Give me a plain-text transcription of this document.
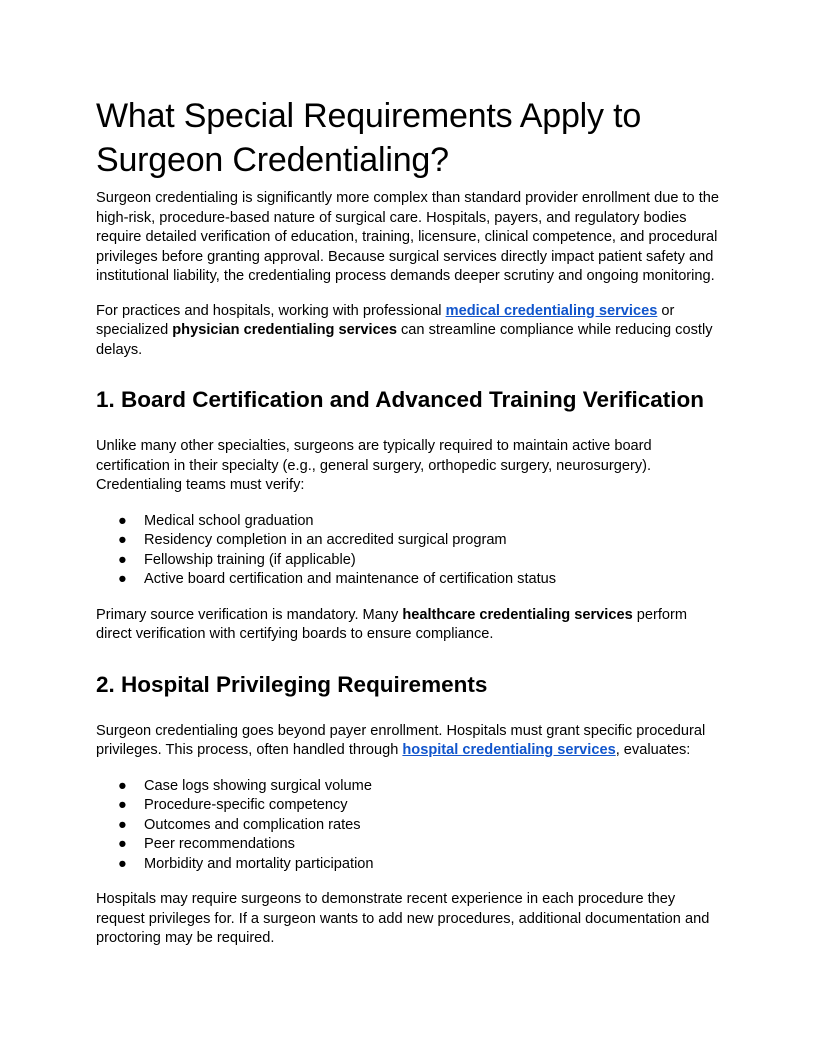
What Special Requirements Apply to Surgeon Credentialing?

Surgeon credentialing is significantly more complex than standard provider enrollment due to the high-risk, procedure-based nature of surgical care. Hospitals, payers, and regulatory bodies require detailed verification of education, training, licensure, clinical competence, and procedural privileges before granting approval. Because surgical services directly impact patient safety and institutional liability, the credentialing process demands deeper scrutiny and ongoing monitoring.

For practices and hospitals, working with professional medical credentialing services or specialized physician credentialing services can streamline compliance while reducing costly delays.

1. Board Certification and Advanced Training Verification

Unlike many other specialties, surgeons are typically required to maintain active board certification in their specialty (e.g., general surgery, orthopedic surgery, neurosurgery). Credentialing teams must verify:

● Medical school graduation
● Residency completion in an accredited surgical program
● Fellowship training (if applicable)
● Active board certification and maintenance of certification status

Primary source verification is mandatory. Many healthcare credentialing services perform direct verification with certifying boards to ensure compliance.

2. Hospital Privileging Requirements

Surgeon credentialing goes beyond payer enrollment. Hospitals must grant specific procedural privileges. This process, often handled through hospital credentialing services, evaluates:

● Case logs showing surgical volume
● Procedure-specific competency
● Outcomes and complication rates
● Peer recommendations
● Morbidity and mortality participation

Hospitals may require surgeons to demonstrate recent experience in each procedure they request privileges for. If a surgeon wants to add new procedures, additional documentation and proctoring may be required.
